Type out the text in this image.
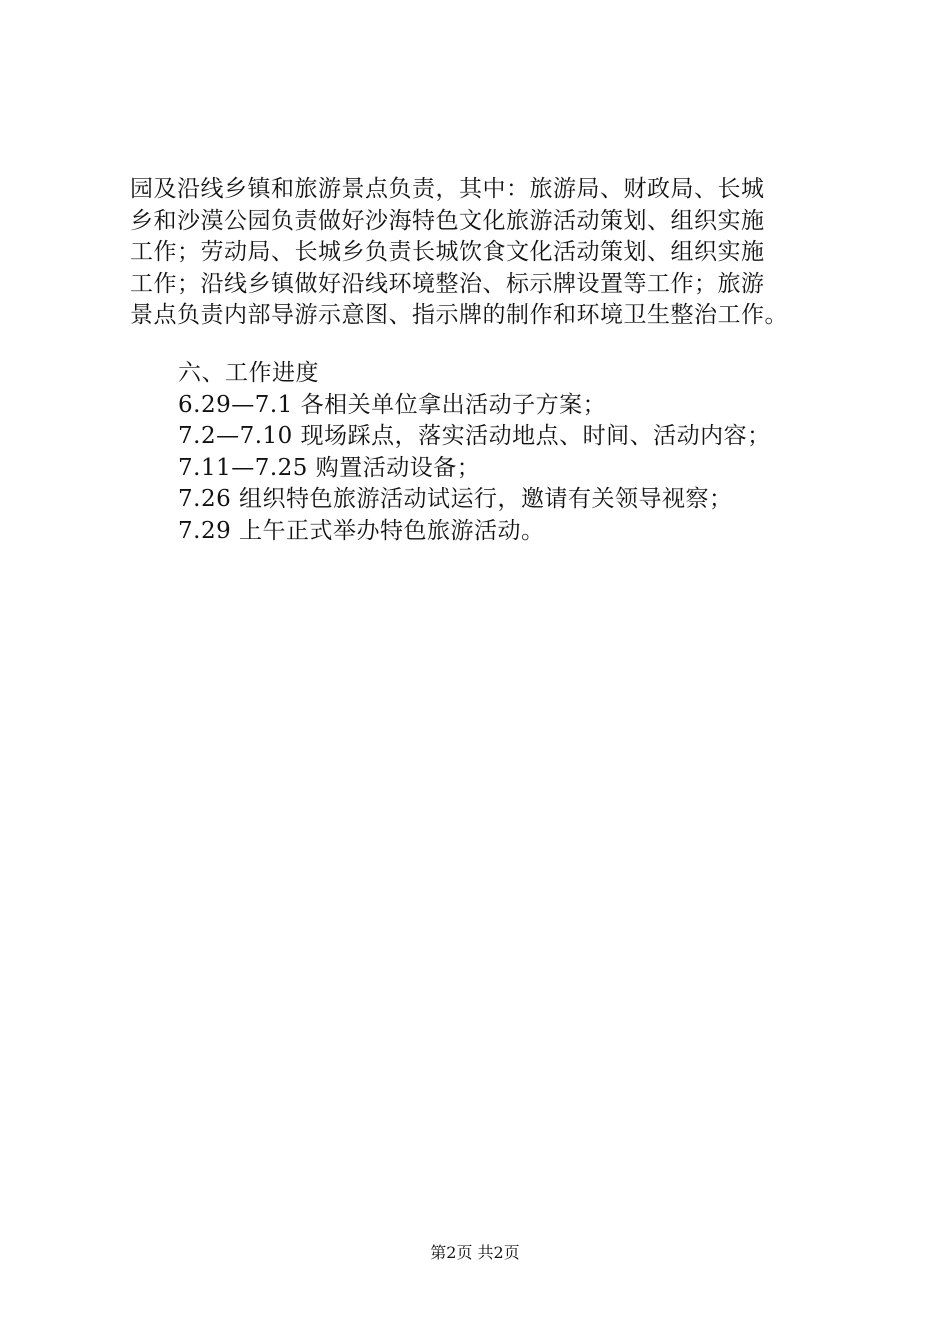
园及沿线乡镇和旅游景点负责，其中：旅游局、财政局、长城
乡和沙漠公园负责做好沙海特色文化旅游活动策划、组织实施
工作；劳动局、长城乡负责长城饮食文化活动策划、组织实施
工作；沿线乡镇做好沿线环境整治、标示牌设置等工作；旅游
景点负责内部导游示意图、指示牌的制作和环境卫生整治工作。
六、工作进度
6.29—7.1 各相关单位拿出活动子方案；
7.2—7.10 现场踩点，落实活动地点、时间、活动内容；
7.11—7.25 购置活动设备；
7.26 组织特色旅游活动试运行，邀请有关领导视察；
7.29 上午正式举办特色旅游活动。
第2页 共2页
